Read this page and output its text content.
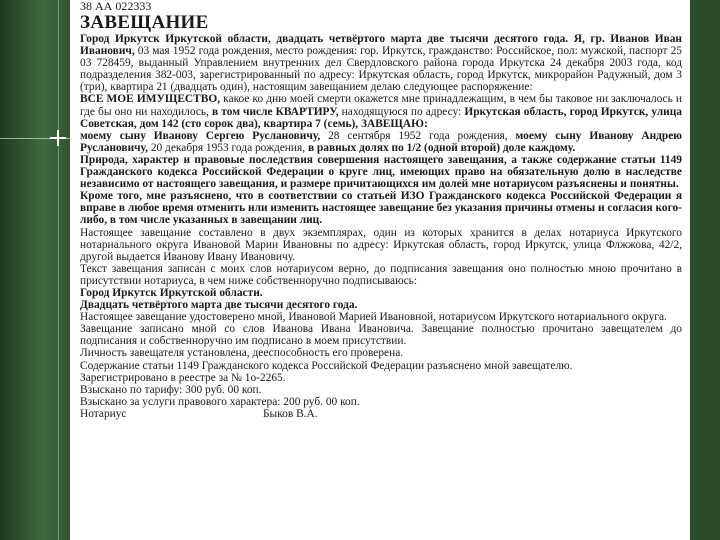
38 АА 022333

ЗАВЕЩАНИЕ

Город Иркутск Иркутской области, двадцать четвёртого марта две тысячи десятого года. Я, гр. Иванов Иван Иванович, 03 мая 1952 года рождения, место рождения: гор. Иркутск, гражданство: Российское, пол: мужской, паспорт 25 03 728459, выданный Управлением внутренних дел Свердловского района города Иркутска 24 декабря 2003 года, код подразделения 382-003, зарегистрированный по адресу: Иркутская область, город Иркутск, микрорайон Радужный, дом 3 (три), квартира 21 (двадцать один), настоящим завещанием делаю следующее распоряжение:

ВСЕ МОЕ ИМУЩЕСТВО, какое ко дню моей смерти окажется мне принадлежащим, в чем бы таковое ни заключалось и где бы оно ни находилось, в том числе КВАРТИРУ, находящуюся по адресу: Иркутская область, город Иркутск, улица Советская, дом 142 (сто сорок два), квартира 7 (семь), ЗАВЕЩАЮ:

моему сыну Иванову Сергею Руслановичу, 28 сентября 1952 года рождения, моему сыну Иванову Андрею Руслановичу, 20 декабря 1953 года рождения, в равных долях по 1/2 (одной второй) доле каждому.

Природа, характер и правовые последствия совершения настоящего завещания, а также содержание статьи 1149 Гражданского кодекса Российской Федерации о круге лиц, имеющих право на обязательную долю в наследстве независимо от настоящего завещания, и размере причитающихся им долей мне нотариусом разъяснены и понятны.

Кроме того, мне разъяснено, что в соответствии со статьей ИЗО Гражданского кодекса Российской Федерации я вправе в любое время отменить или изменить настоящее завещание без указания причины отмены и согласия кого-либо, в том числе указанных в завещании лиц.

Настоящее завещание составлено в двух экземплярах, один из которых хранится в делах нотариуса Иркутского нотариального округа Ивановой Марии Ивановны по адресу: Иркутская область, город Иркутск, улица Флжжова, 42/2, другой выдается Иванову Ивану Ивановичу.

Текст завещания записан с моих слов нотариусом верно, до подписания завещания оно полностью мною прочитано в присутствии нотариуса, в чем ниже собственноручно подписываюсь:

Город Иркутск Иркутской области.

Двадцать четвёртого марта две тысячи десятого года.

Настоящее завещание удостоверено мной, Ивановой Марией Ивановной, нотариусом Иркутского нотариального округа.

Завещание записано мной со слов Иванова Ивана Ивановича. Завещание полностью прочитано завещателем до подписания и собственноручно им подписано в моем присутствии.

Личность завещателя установлена, дееспособность его проверена.

Содержание статьи 1149 Гражданского кодекса Российской Федерации разъяснено мной завещателю.

Зарегистрировано в реестре за № 1о-2265.

Взыскано по тарифу: 300 руб. 00 коп.

Взыскано за услуги правового характера: 200 руб. 00 коп.

Нотариус	Быков В.А.
